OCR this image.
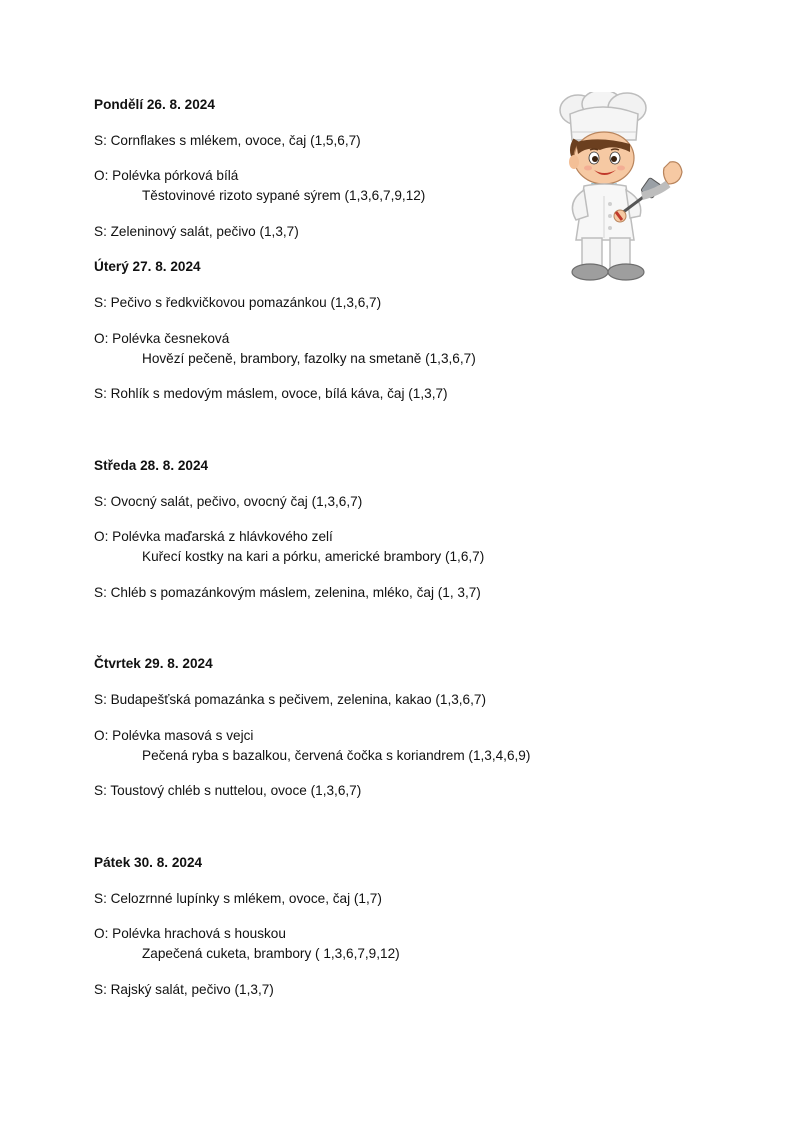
Pondělí 26. 8. 2024
S: Cornflakes s mlékem, ovoce, čaj (1,5,6,7)
O: Polévka pórková bílá
Těstovinové rizoto sypané sýrem (1,3,6,7,9,12)
S: Zeleninový salát, pečivo (1,3,7)
Úterý 27. 8. 2024
S: Pečivo s ředkvičkovou pomazánkou (1,3,6,7)
O: Polévka česneková
Hovězí pečeně, brambory, fazolky na smetaně (1,3,6,7)
S: Rohlík s medovým máslem, ovoce, bílá káva, čaj (1,3,7)
Středa 28. 8. 2024
S: Ovocný salát, pečivo, ovocný čaj (1,3,6,7)
O: Polévka maďarská z hlávkového zelí
Kuřecí kostky na kari a pórku, americké brambory (1,6,7)
S: Chléb s pomazánkovým máslem, zelenina, mléko, čaj (1, 3,7)
Čtvrtek 29. 8. 2024
S: Budapešťská pomazánka s pečivem, zelenina, kakao (1,3,6,7)
O: Polévka masová s vejci
Pečená ryba s bazalkou, červená čočka s koriandrem (1,3,4,6,9)
S: Toustový chléb s nuttelou, ovoce (1,3,6,7)
Pátek 30. 8. 2024
S: Celozrnné lupínky s mlékem, ovoce, čaj (1,7)
O: Polévka hrachová s houskou
Zapečená cuketa, brambory ( 1,3,6,7,9,12)
S: Rajský salát, pečivo (1,3,7)
